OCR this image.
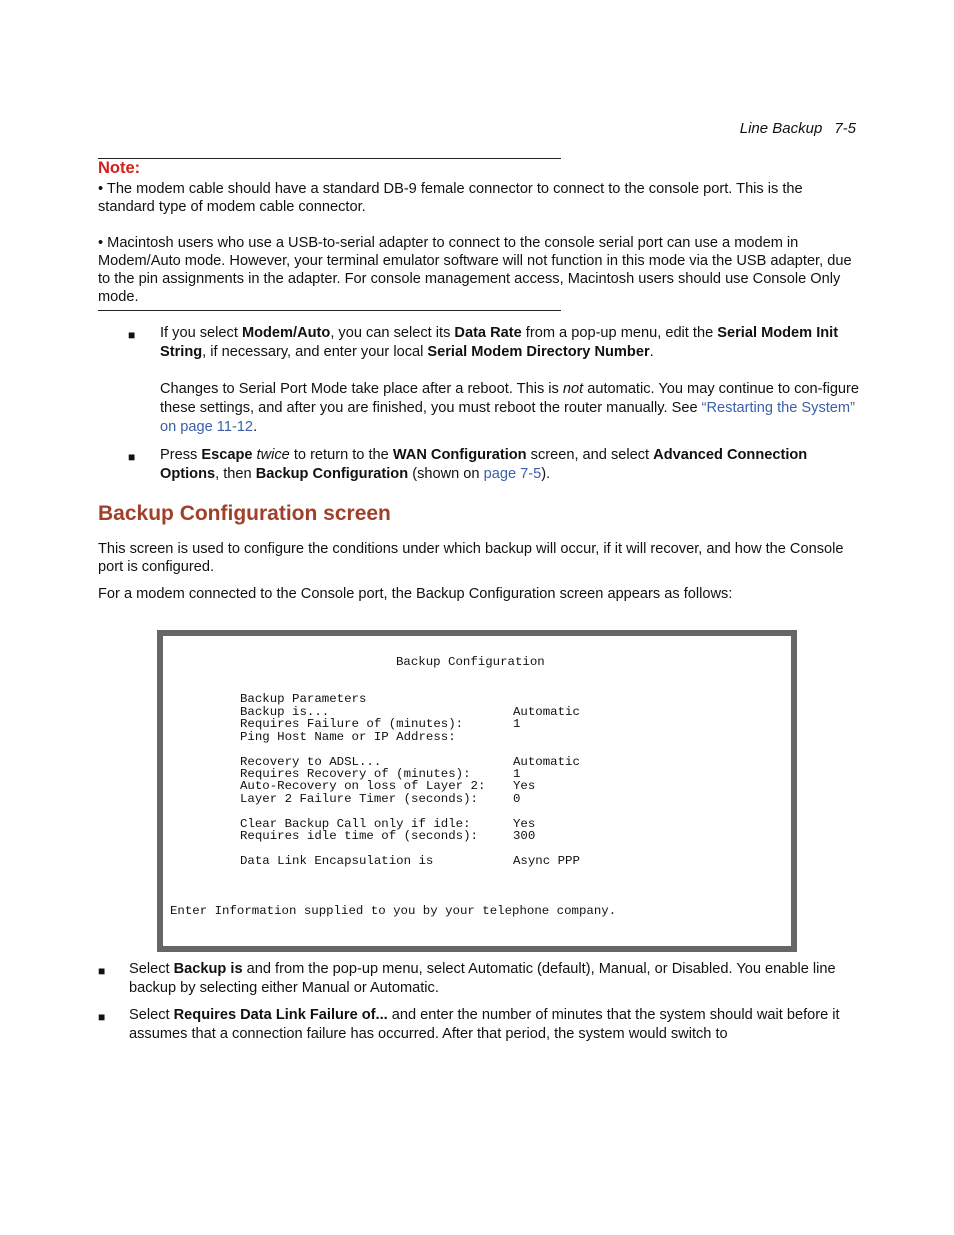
Line Backup 7-5
Note:
• The modem cable should have a standard DB-9 female connector to connect to the console port. This is the standard type of modem cable connector.
• Macintosh users who use a USB-to-serial adapter to connect to the console serial port can use a modem in Modem/Auto mode. However, your terminal emulator software will not function in this mode via the USB adapter, due to the pin assignments in the adapter. For console management access, Macintosh users should use Console Only mode.
■ If you select Modem/Auto, you can select its Data Rate from a pop-up menu, edit the Serial Modem Init String, if necessary, and enter your local Serial Modem Directory Number.
Changes to Serial Port Mode take place after a reboot. This is not automatic. You may continue to con-figure these settings, and after you are finished, you must reboot the router manually. See “Restarting the System” on page 11-12.
■ Press Escape twice to return to the WAN Configuration screen, and select Advanced Connection Options, then Backup Configuration (shown on page 7-5).
Backup Configuration screen
This screen is used to configure the conditions under which backup will occur, if it will recover, and how the Console port is configured.
For a modem connected to the Console port, the Backup Configuration screen appears as follows:
Backup Configuration
Backup Parameters
Backup is...	Automatic
Requires Failure of (minutes):	1
Ping Host Name or IP Address:
Recovery to ADSL...	Automatic
Requires Recovery of (minutes):	1
Auto-Recovery on loss of Layer 2: Yes
Layer 2 Failure Timer (seconds):	0
Clear Backup Call only if idle:	Yes
Requires idle time of (seconds):	300
Data Link Encapsulation is	Async PPP
Enter Information supplied to you by your telephone company.
■ Select Backup is and from the pop-up menu, select Automatic (default), Manual, or Disabled. You enable line backup by selecting either Manual or Automatic.
■ Select Requires Data Link Failure of... and enter the number of minutes that the system should wait before it assumes that a connection failure has occurred. After that period, the system would switch to
